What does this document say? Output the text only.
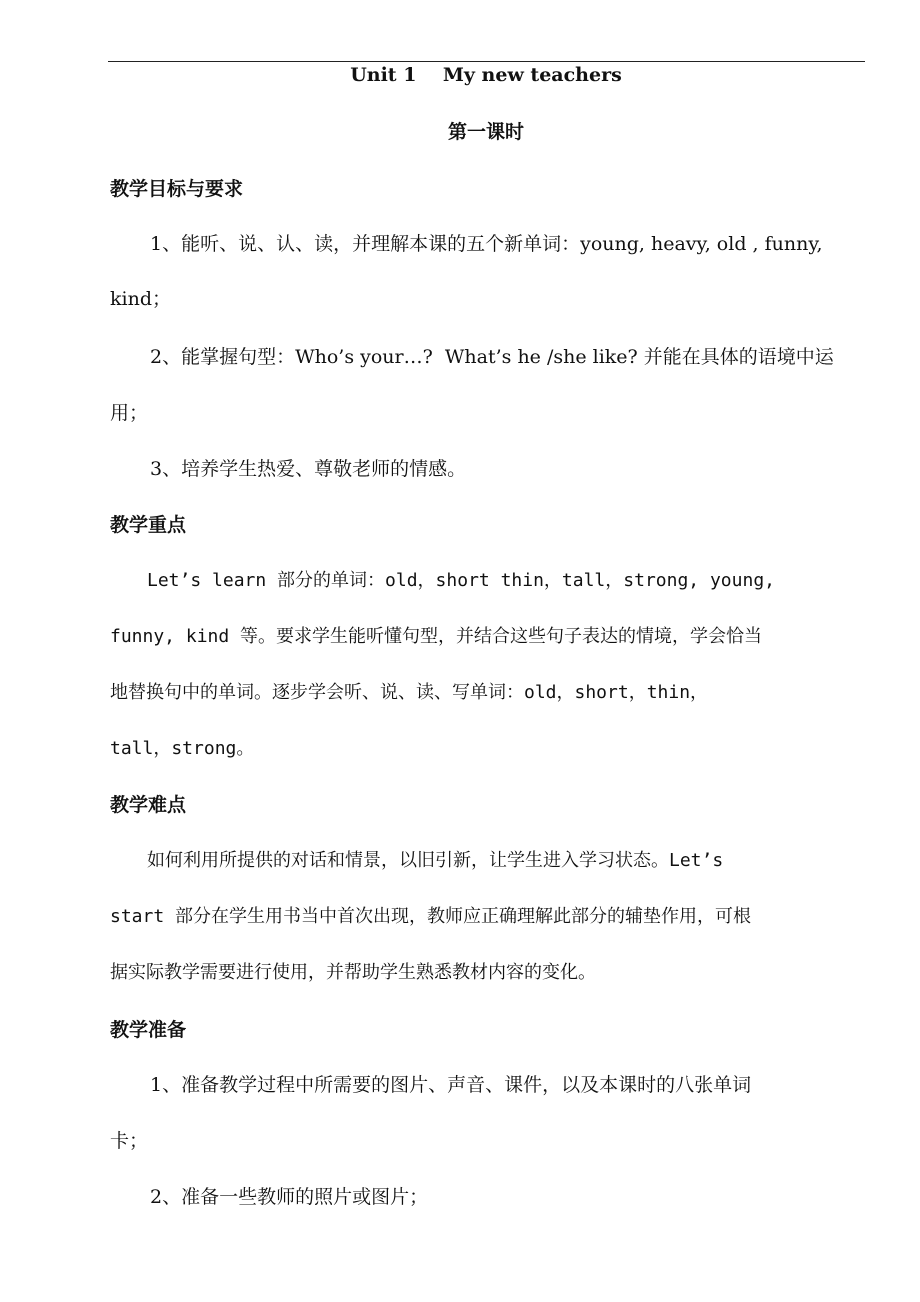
Unit 1    My new teachers
第一课时
教学目标与要求
1、能听、说、认、读，并理解本课的五个新单词：young, heavy, old , funny,
kind；
2、能掌握句型：Who’s your…?  What’s he /she like? 并能在具体的语境中运
用；
3、培养学生热爱、尊敬老师的情感。
教学重点
Let’s learn 部分的单词：old，short thin，tall，strong, young,
funny, kind 等。要求学生能听懂句型，并结合这些句子表达的情境，学会恰当
地替换句中的单词。逐步学会听、说、读、写单词：old，short，thin，
tall，strong。
教学难点
如何利用所提供的对话和情景，以旧引新，让学生进入学习状态。Let’s
start 部分在学生用书当中首次出现，教师应正确理解此部分的辅垫作用，可根
据实际教学需要进行使用，并帮助学生熟悉教材内容的变化。
教学准备
1、准备教学过程中所需要的图片、声音、课件，以及本课时的八张单词
卡；
2、准备一些教师的照片或图片；
